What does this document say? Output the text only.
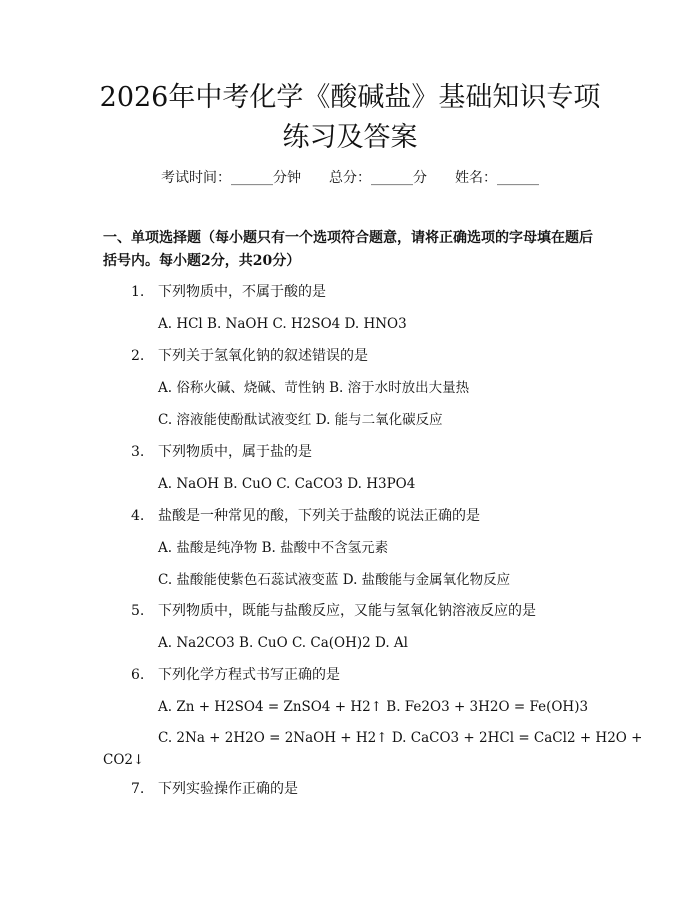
2026年中考化学《酸碱盐》基础知识专项练习及答案
考试时间：______分钟 总分：______分 姓名：______

一、单项选择题（每小题只有一个选项符合题意，请将正确选项的字母填在题后括号内。每小题2分，共20分）

1. 下列物质中，不属于酸的是
A. HCl B. NaOH C. H2SO4 D. HNO3
2. 下列关于氢氧化钠的叙述错误的是
A. 俗称火碱、烧碱、苛性钠 B. 溶于水时放出大量热
C. 溶液能使酚酞试液变红 D. 能与二氧化碳反应
3. 下列物质中，属于盐的是
A. NaOH B. CuO C. CaCO3 D. H3PO4
4. 盐酸是一种常见的酸，下列关于盐酸的说法正确的是
A. 盐酸是纯净物 B. 盐酸中不含氢元素
C. 盐酸能使紫色石蕊试液变蓝 D. 盐酸能与金属氧化物反应
5. 下列物质中，既能与盐酸反应，又能与氢氧化钠溶液反应的是
A. Na2CO3 B. CuO C. Ca(OH)2 D. Al
6. 下列化学方程式书写正确的是
A. Zn + H2SO4 = ZnSO4 + H2↑ B. Fe2O3 + 3H2O = Fe(OH)3
C. 2Na + 2H2O = 2NaOH + H2↑ D. CaCO3 + 2HCl = CaCl2 + H2O +
CO2↓
7. 下列实验操作正确的是
